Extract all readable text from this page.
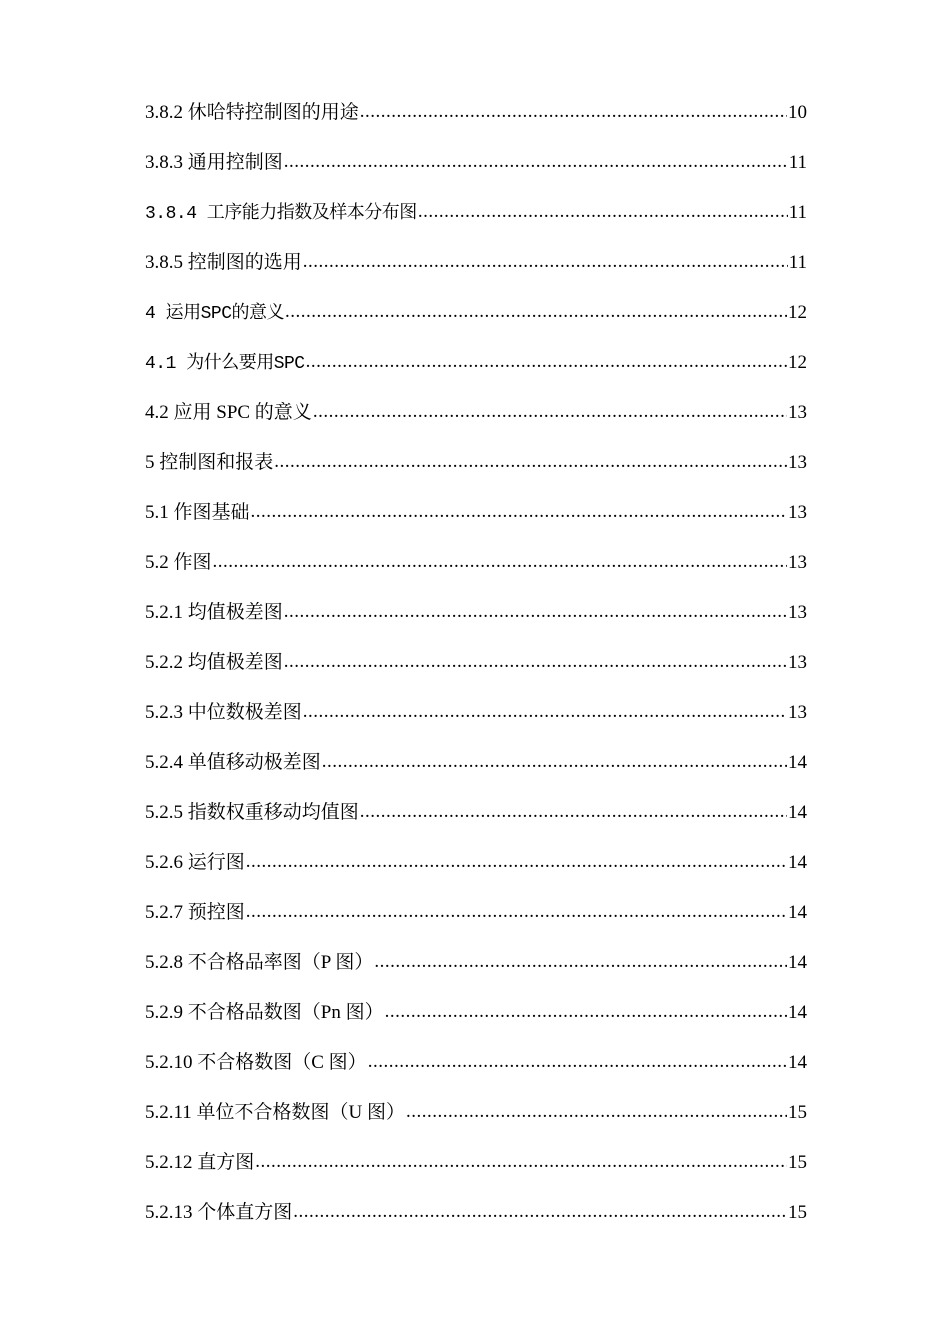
3.8.2 休哈特控制图的用途 .....	10
3.8.3 通用控制图 .....	11
3.8.4 工序能力指数及样本分布图 .....	11
3.8.5 控制图的选用 .....	11
4 运用SPC的意义 .....	12
4.1 为什么要用SPC .....	12
4.2 应用 SPC 的意义 .....	13
5 控制图和报表 .....	13
5.1 作图基础 .....	13
5.2 作图 .....	13
5.2.1 均值极差图 .....	13
5.2.2 均值极差图 .....	13
5.2.3 中位数极差图 .....	13
5.2.4 单值移动极差图 .....	14
5.2.5 指数权重移动均值图 .....	14
5.2.6 运行图 .....	14
5.2.7 预控图 .....	14
5.2.8 不合格品率图（P 图） .....	14
5.2.9 不合格品数图（Pn 图） .....	14
5.2.10 不合格数图（C 图） .....	14
5.2.11 单位不合格数图（U 图） .....	15
5.2.12 直方图 .....	15
5.2.13 个体直方图 .....	15
